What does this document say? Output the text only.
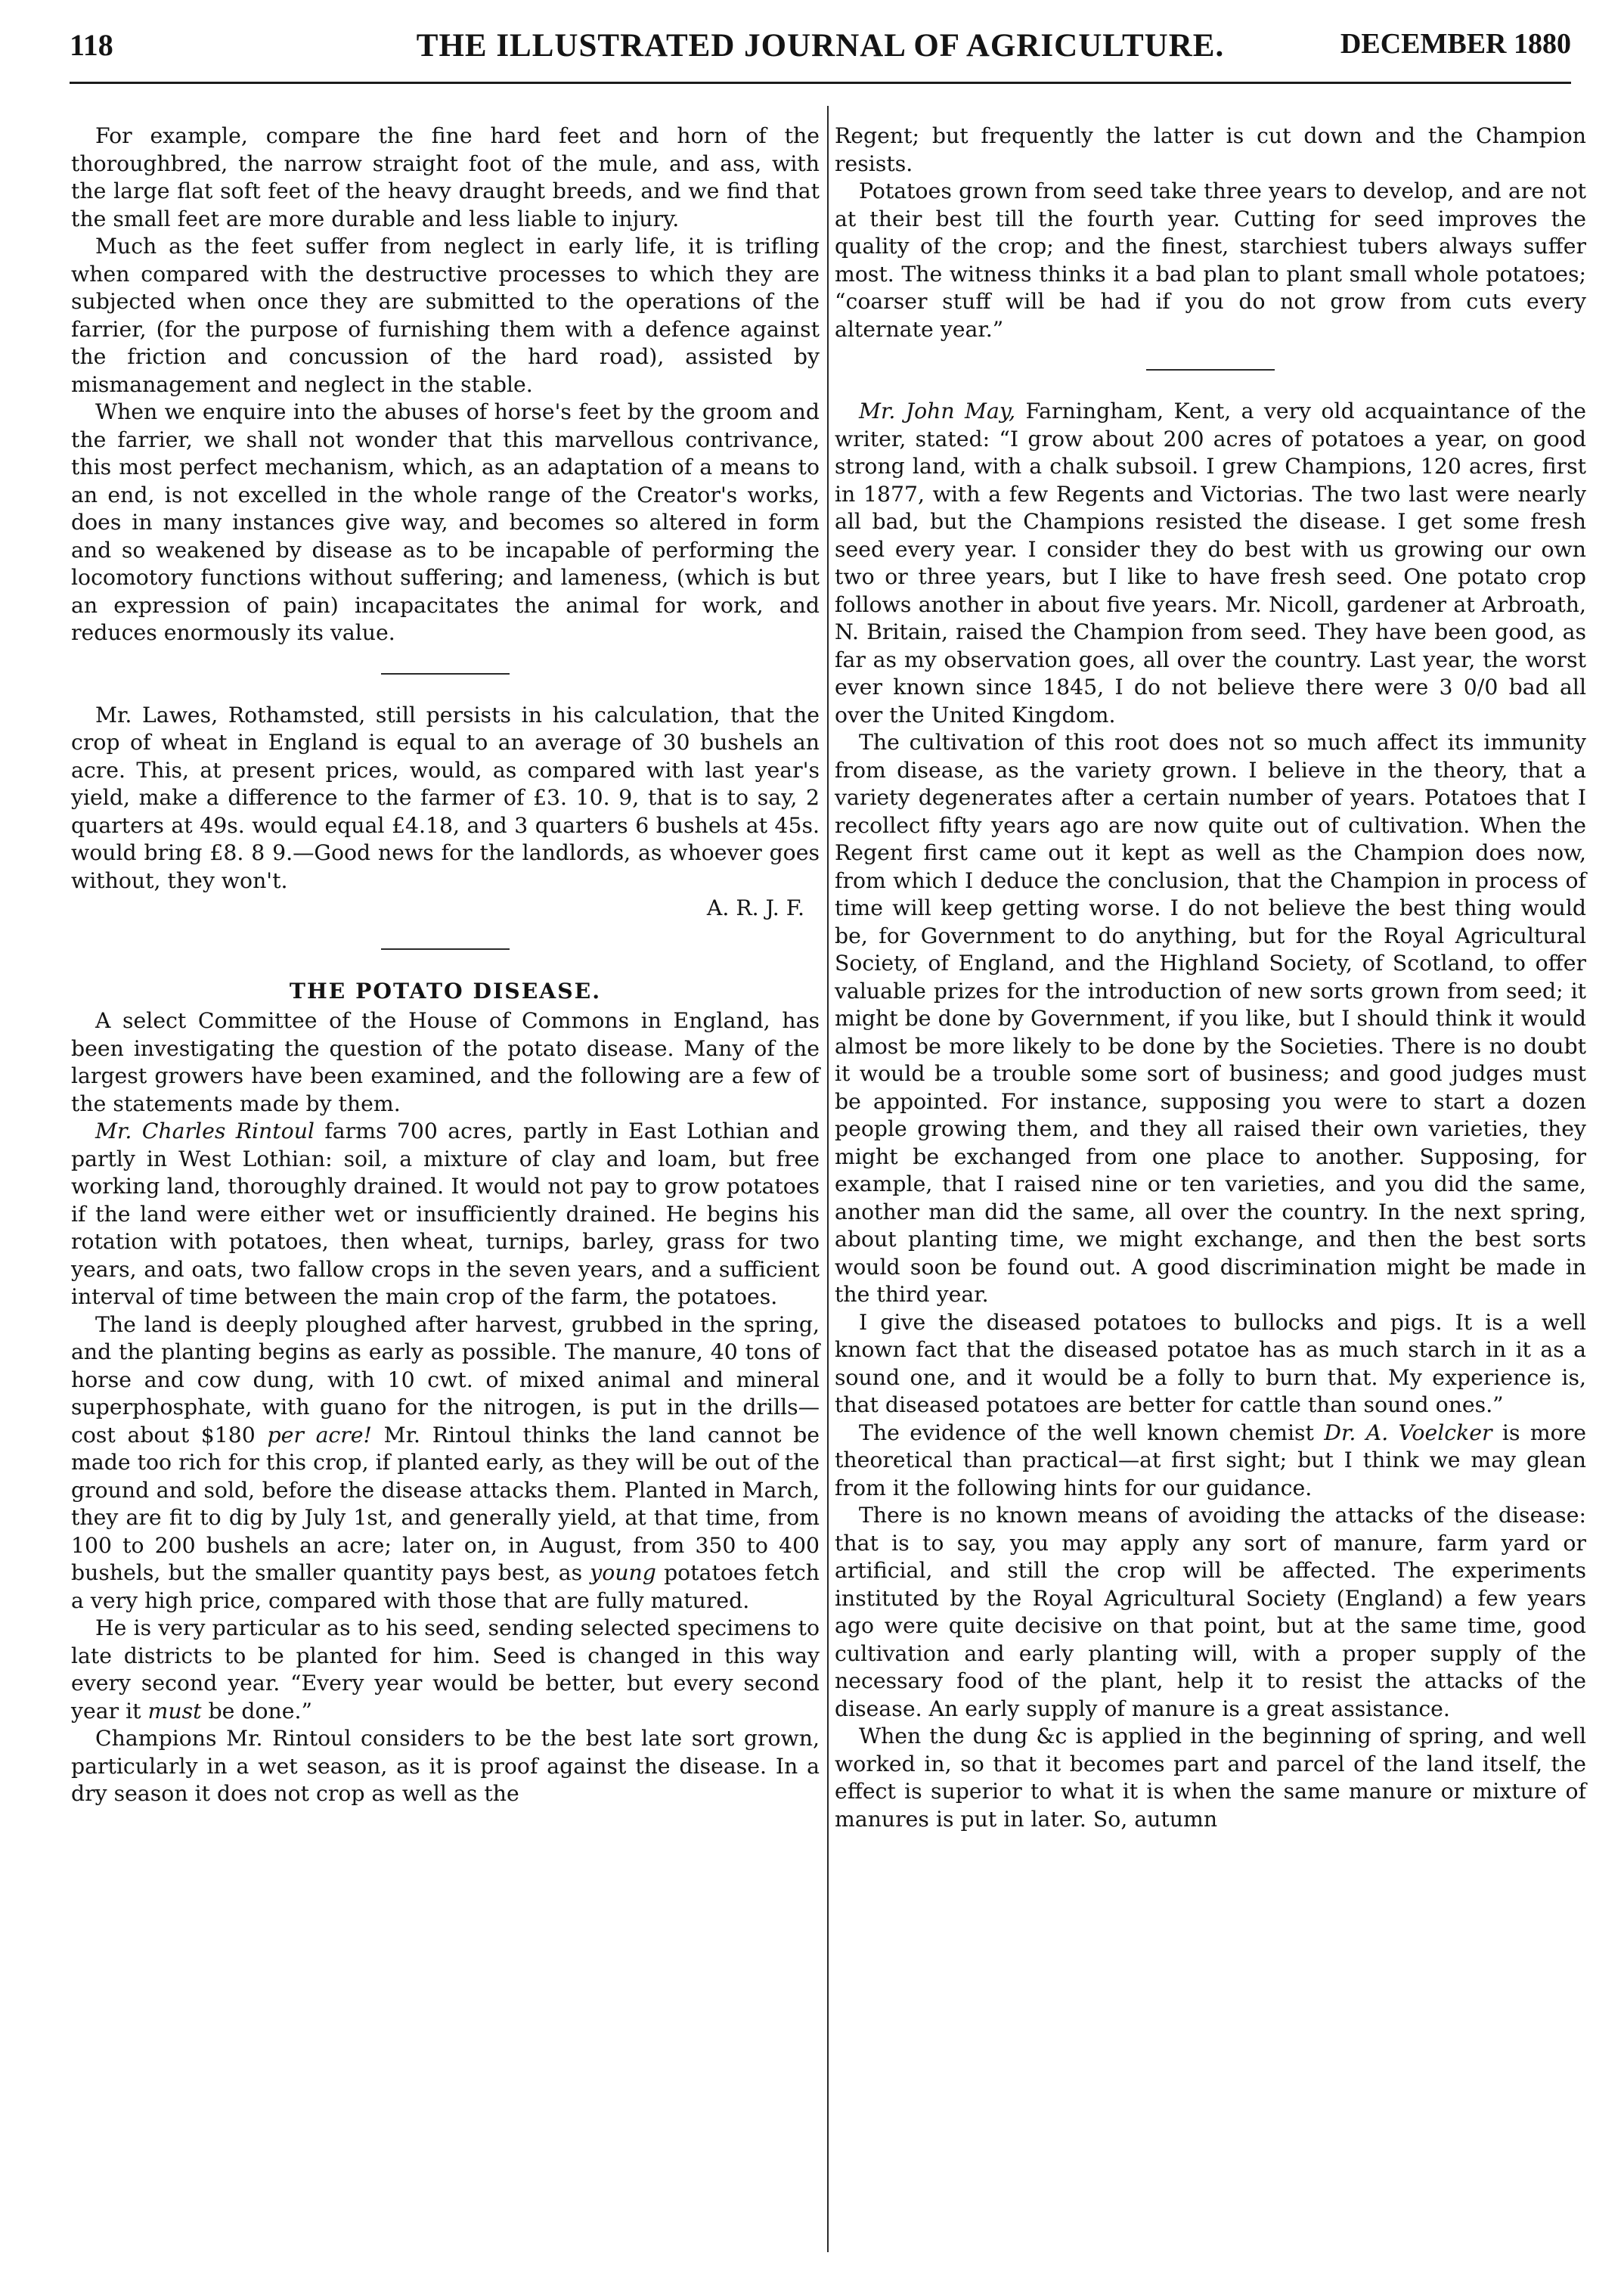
118	THE ILLUSTRATED JOURNAL OF AGRICULTURE.	DECEMBER 1880

For example, compare the fine hard feet and horn of the thoroughbred, the narrow straight foot of the mule, and ass, with the large flat soft feet of the heavy draught breeds, and we find that the small feet are more durable and less liable to injury.

Much as the feet suffer from neglect in early life, it is trifling when compared with the destructive processes to which they are subjected when once they are submitted to the operations of the farrier, (for the purpose of furnishing them with a defence against the friction and concussion of the hard road), assisted by mismanagement and neglect in the stable.

When we enquire into the abuses of horse's feet by the groom and the farrier, we shall not wonder that this marvellous contrivance, this most perfect mechanism, which, as an adaptation of a means to an end, is not excelled in the whole range of the Creator's works, does in many instances give way, and becomes so altered in form and so weakened by disease as to be incapable of performing the locomotory functions without suffering; and lameness, (which is but an expression of pain) incapacitates the animal for work, and reduces enormously its value.

Mr. Lawes, Rothamsted, still persists in his calculation, that the crop of wheat in England is equal to an average of 30 bushels an acre. This, at present prices, would, as compared with last year's yield, make a difference to the farmer of £3. 10. 9, that is to say, 2 quarters at 49s. would equal £4.18, and 3 quarters 6 bushels at 45s. would bring £8. 8 9.—Good news for the landlords, as whoever goes without, they won't.

A. R. J. F.

THE POTATO DISEASE.

A select Committee of the House of Commons in England, has been investigating the question of the potato disease. Many of the largest growers have been examined, and the following are a few of the statements made by them.

Mr. Charles Rintoul farms 700 acres, partly in East Lothian and partly in West Lothian: soil, a mixture of clay and loam, but free working land, thoroughly drained. It would not pay to grow potatoes if the land were either wet or insufficiently drained. He begins his rotation with potatoes, then wheat, turnips, barley, grass for two years, and oats, two fallow crops in the seven years, and a sufficient interval of time between the main crop of the farm, the potatoes.

The land is deeply ploughed after harvest, grubbed in the spring, and the planting begins as early as possible. The manure, 40 tons of horse and cow dung, with 10 cwt. of mixed animal and mineral superphosphate, with guano for the nitrogen, is put in the drills—cost about $180 per acre! Mr. Rintoul thinks the land cannot be made too rich for this crop, if planted early, as they will be out of the ground and sold, before the disease attacks them. Planted in March, they are fit to dig by July 1st, and generally yield, at that time, from 100 to 200 bushels an acre; later on, in August, from 350 to 400 bushels, but the smaller quantity pays best, as young potatoes fetch a very high price, compared with those that are fully matured.

He is very particular as to his seed, sending selected specimens to late districts to be planted for him. Seed is changed in this way every second year. “Every year would be better, but every second year it must be done.”

Champions Mr. Rintoul considers to be the best late sort grown, particularly in a wet season, as it is proof against the disease. In a dry season it does not crop as well as the

Regent; but frequently the latter is cut down and the Champion resists.

Potatoes grown from seed take three years to develop, and are not at their best till the fourth year. Cutting for seed improves the quality of the crop; and the finest, starchiest tubers always suffer most. The witness thinks it a bad plan to plant small whole potatoes; “coarser stuff will be had if you do not grow from cuts every alternate year.”

Mr. John May, Farningham, Kent, a very old acquaintance of the writer, stated: “I grow about 200 acres of potatoes a year, on good strong land, with a chalk subsoil. I grew Champions, 120 acres, first in 1877, with a few Regents and Victorias. The two last were nearly all bad, but the Champions resisted the disease. I get some fresh seed every year. I consider they do best with us growing our own two or three years, but I like to have fresh seed. One potato crop follows another in about five years. Mr. Nicoll, gardener at Arbroath, N. Britain, raised the Champion from seed. They have been good, as far as my observation goes, all over the country. Last year, the worst ever known since 1845, I do not believe there were 3 0/0 bad all over the United Kingdom.

The cultivation of this root does not so much affect its immunity from disease, as the variety grown. I believe in the theory, that a variety degenerates after a certain number of years. Potatoes that I recollect fifty years ago are now quite out of cultivation. When the Regent first came out it kept as well as the Champion does now, from which I deduce the conclusion, that the Champion in process of time will keep getting worse. I do not believe the best thing would be, for Government to do anything, but for the Royal Agricultural Society, of England, and the Highland Society, of Scotland, to offer valuable prizes for the introduction of new sorts grown from seed; it might be done by Government, if you like, but I should think it would almost be more likely to be done by the Societies. There is no doubt it would be a trouble some sort of business; and good judges must be appointed. For instance, supposing you were to start a dozen people growing them, and they all raised their own varieties, they might be exchanged from one place to another. Supposing, for example, that I raised nine or ten varieties, and you did the same, another man did the same, all over the country. In the next spring, about planting time, we might exchange, and then the best sorts would soon be found out. A good discrimination might be made in the third year.

I give the diseased potatoes to bullocks and pigs. It is a well known fact that the diseased potatoe has as much starch in it as a sound one, and it would be a folly to burn that. My experience is, that diseased potatoes are better for cattle than sound ones.”

The evidence of the well known chemist Dr. A. Voelcker is more theoretical than practical—at first sight; but I think we may glean from it the following hints for our guidance.

There is no known means of avoiding the attacks of the disease: that is to say, you may apply any sort of manure, farm yard or artificial, and still the crop will be affected. The experiments instituted by the Royal Agricultural Society (England) a few years ago were quite decisive on that point, but at the same time, good cultivation and early planting will, with a proper supply of the necessary food of the plant, help it to resist the attacks of the disease. An early supply of manure is a great assistance.

When the dung &c is applied in the beginning of spring, and well worked in, so that it becomes part and parcel of the land itself, the effect is superior to what it is when the same manure or mixture of manures is put in later. So, autumn
